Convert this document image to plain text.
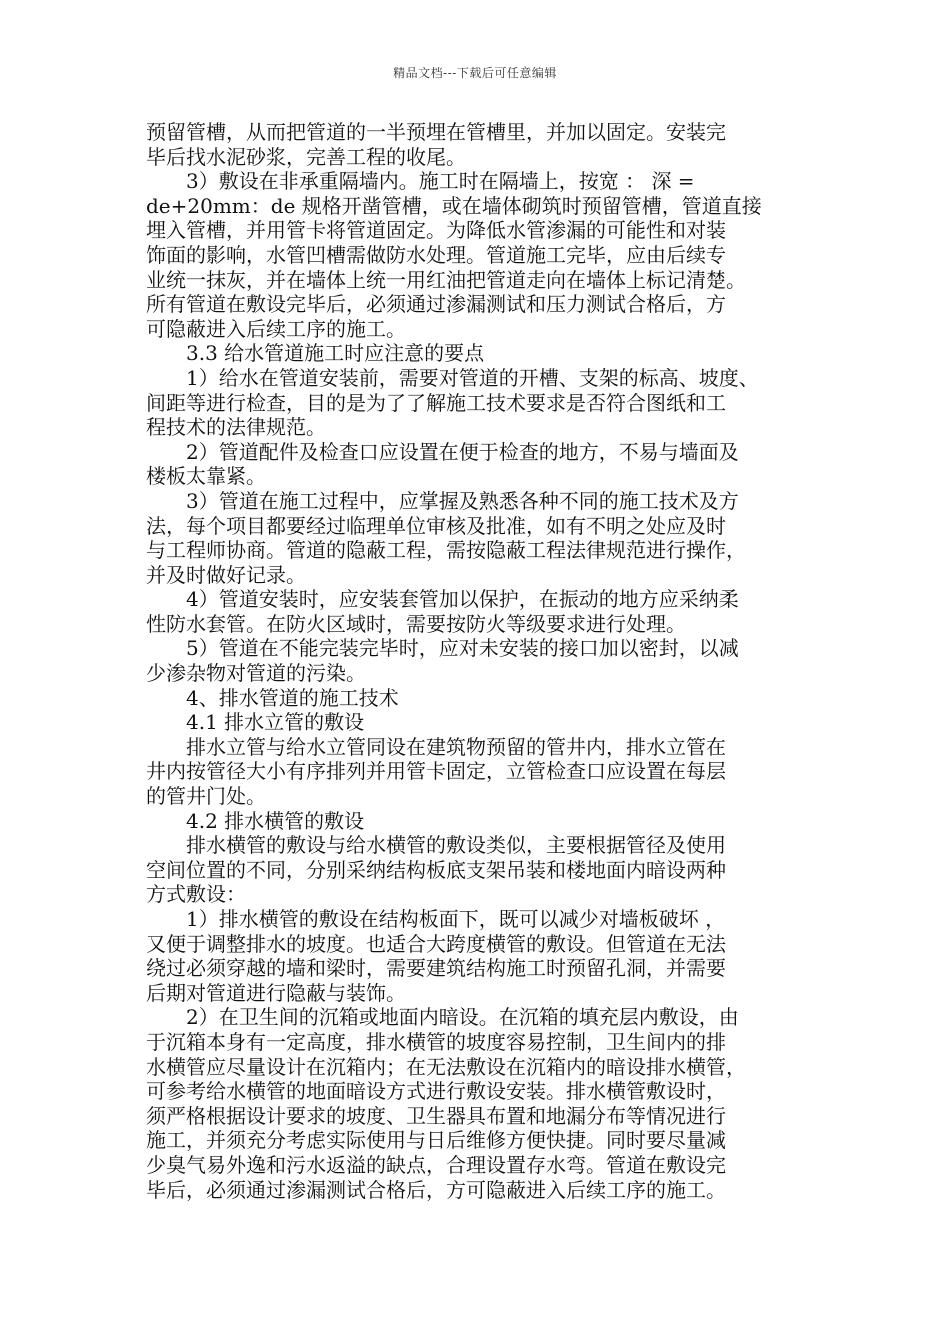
精品文档---下载后可任意编辑
预留管槽，从而把管道的一半预埋在管槽里，并加以固定。安装完
毕后找水泥砂浆，完善工程的收尾。
3）敷设在非承重隔墙内。施工时在隔墙上，按宽 ： 深 =
de+20mm：de 规格开凿管槽，或在墙体砌筑时预留管槽，管道直接
埋入管槽，并用管卡将管道固定。为降低水管渗漏的可能性和对装
饰面的影响，水管凹槽需做防水处理。管道施工完毕，应由后续专
业统一抹灰，并在墙体上统一用红油把管道走向在墙体上标记清楚。
所有管道在敷设完毕后，必须通过渗漏测试和压力测试合格后，方
可隐蔽进入后续工序的施工。
3.3 给水管道施工时应注意的要点
1）给水在管道安装前，需要对管道的开槽、支架的标高、坡度、
间距等进行检查，目的是为了了解施工技术要求是否符合图纸和工
程技术的法律规范。
2）管道配件及检查口应设置在便于检查的地方，不易与墙面及
楼板太靠紧。
3）管道在施工过程中，应掌握及熟悉各种不同的施工技术及方
法，每个项目都要经过临理单位审核及批准，如有不明之处应及时
与工程师协商。管道的隐蔽工程，需按隐蔽工程法律规范进行操作，
并及时做好记录。
4）管道安装时，应安装套管加以保护，在振动的地方应采纳柔
性防水套管。在防火区域时，需要按防火等级要求进行处理。
5）管道在不能完装完毕时，应对未安装的接口加以密封，以减
少渗杂物对管道的污染。
4、排水管道的施工技术
4.1 排水立管的敷设
排水立管与给水立管同设在建筑物预留的管井内，排水立管在
井内按管径大小有序排列并用管卡固定，立管检查口应设置在每层
的管井门处。
4.2 排水横管的敷设
排水横管的敷设与给水横管的敷设类似，主要根据管径及使用
空间位置的不同，分别采纳结构板底支架吊装和楼地面内暗设两种
方式敷设：
1）排水横管的敷设在结构板面下，既可以减少对墙板破坏 ，
又便于调整排水的坡度。也适合大跨度横管的敷设。但管道在无法
绕过必须穿越的墙和梁时，需要建筑结构施工时预留孔洞，并需要
后期对管道进行隐蔽与装饰。
2）在卫生间的沉箱或地面内暗设。在沉箱的填充层内敷设，由
于沉箱本身有一定高度，排水横管的坡度容易控制，卫生间内的排
水横管应尽量设计在沉箱内；在无法敷设在沉箱内的暗设排水横管，
可参考给水横管的地面暗设方式进行敷设安装。排水横管敷设时，
须严格根据设计要求的坡度、卫生器具布置和地漏分布等情况进行
施工，并须充分考虑实际使用与日后维修方便快捷。同时要尽量减
少臭气易外逸和污水返溢的缺点，合理设置存水弯。管道在敷设完
毕后，必须通过渗漏测试合格后，方可隐蔽进入后续工序的施工。
